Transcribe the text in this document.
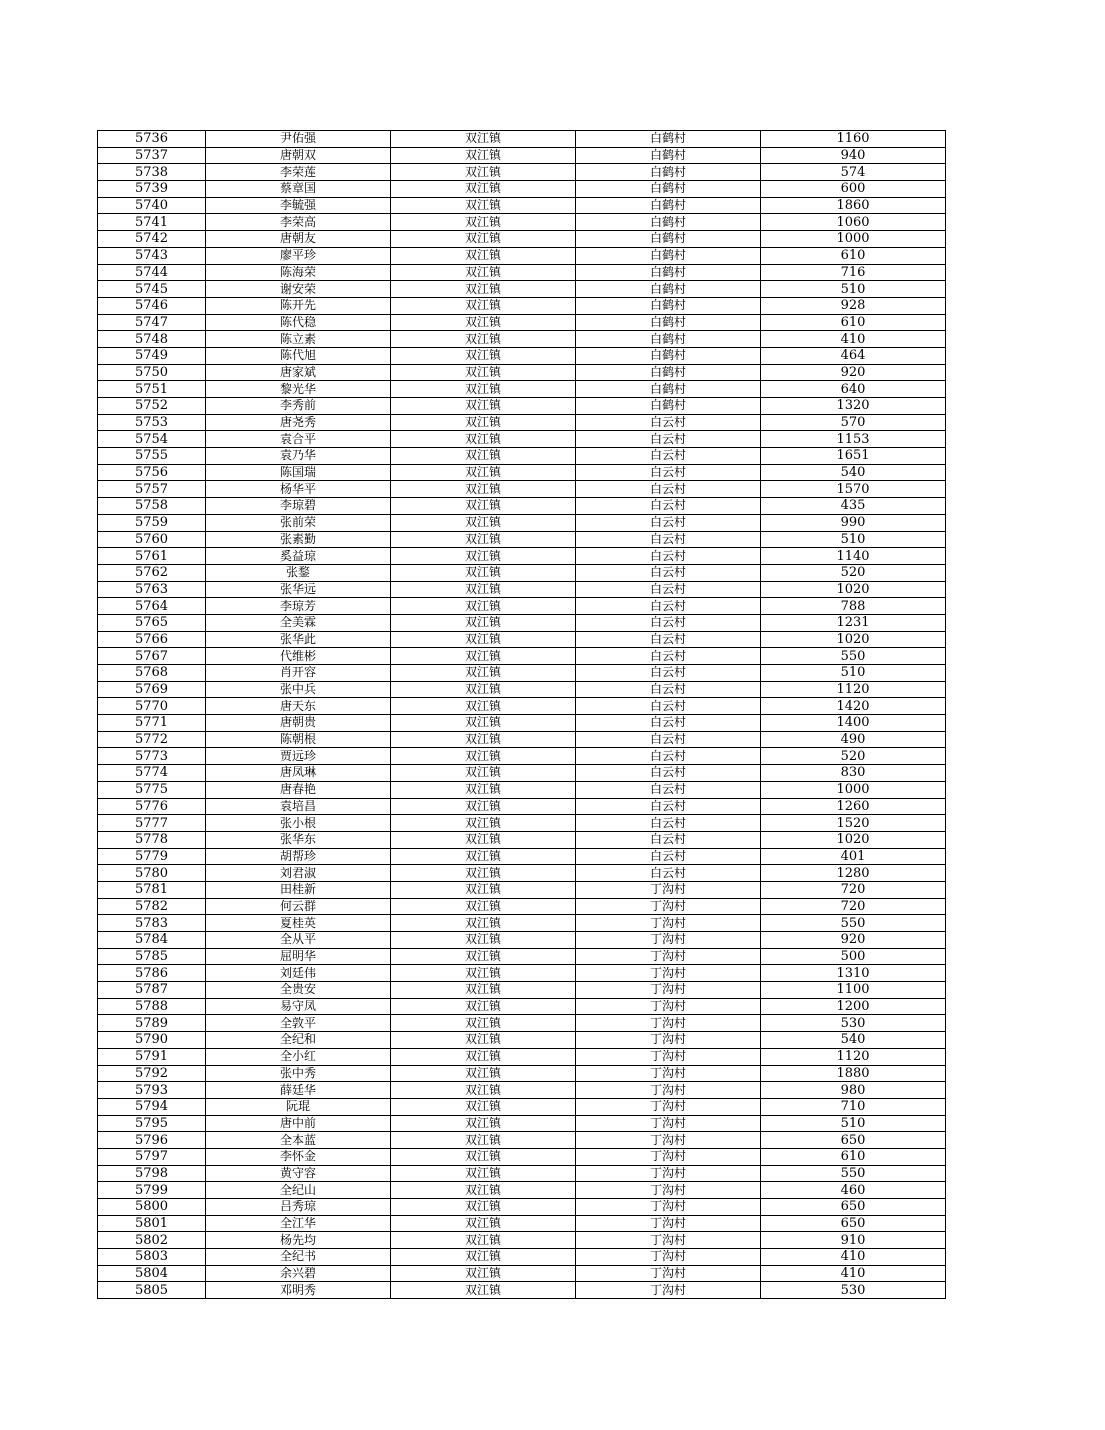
5736	尹佑强	双江镇	白鹤村	1160
5737	唐朝双	双江镇	白鹤村	940
5738	李荣莲	双江镇	白鹤村	574
5739	蔡章国	双江镇	白鹤村	600
5740	李毓强	双江镇	白鹤村	1860
5741	李荣高	双江镇	白鹤村	1060
5742	唐朝友	双江镇	白鹤村	1000
5743	廖平珍	双江镇	白鹤村	610
5744	陈海荣	双江镇	白鹤村	716
5745	谢安荣	双江镇	白鹤村	510
5746	陈开先	双江镇	白鹤村	928
5747	陈代稳	双江镇	白鹤村	610
5748	陈立素	双江镇	白鹤村	410
5749	陈代旭	双江镇	白鹤村	464
5750	唐家斌	双江镇	白鹤村	920
5751	黎光华	双江镇	白鹤村	640
5752	李秀前	双江镇	白鹤村	1320
5753	唐尧秀	双江镇	白云村	570
5754	袁合平	双江镇	白云村	1153
5755	袁乃华	双江镇	白云村	1651
5756	陈国瑞	双江镇	白云村	540
5757	杨华平	双江镇	白云村	1570
5758	李琼碧	双江镇	白云村	435
5759	张前荣	双江镇	白云村	990
5760	张素勤	双江镇	白云村	510
5761	奚益琼	双江镇	白云村	1140
5762	张鍪	双江镇	白云村	520
5763	张华远	双江镇	白云村	1020
5764	李琼芳	双江镇	白云村	788
5765	全美霖	双江镇	白云村	1231
5766	张华此	双江镇	白云村	1020
5767	代维彬	双江镇	白云村	550
5768	肖开容	双江镇	白云村	510
5769	张中兵	双江镇	白云村	1120
5770	唐天东	双江镇	白云村	1420
5771	唐朝贵	双江镇	白云村	1400
5772	陈朝根	双江镇	白云村	490
5773	贾远珍	双江镇	白云村	520
5774	唐凤琳	双江镇	白云村	830
5775	唐春艳	双江镇	白云村	1000
5776	袁培昌	双江镇	白云村	1260
5777	张小根	双江镇	白云村	1520
5778	张华东	双江镇	白云村	1020
5779	胡帮珍	双江镇	白云村	401
5780	刘君淑	双江镇	白云村	1280
5781	田桂新	双江镇	丁沟村	720
5782	何云群	双江镇	丁沟村	720
5783	夏桂英	双江镇	丁沟村	550
5784	全从平	双江镇	丁沟村	920
5785	屈明华	双江镇	丁沟村	500
5786	刘廷伟	双江镇	丁沟村	1310
5787	全贵安	双江镇	丁沟村	1100
5788	易守凤	双江镇	丁沟村	1200
5789	全敦平	双江镇	丁沟村	530
5790	全纪和	双江镇	丁沟村	540
5791	全小红	双江镇	丁沟村	1120
5792	张中秀	双江镇	丁沟村	1880
5793	薛廷华	双江镇	丁沟村	980
5794	阮琨	双江镇	丁沟村	710
5795	唐中前	双江镇	丁沟村	510
5796	全本蓝	双江镇	丁沟村	650
5797	李怀金	双江镇	丁沟村	610
5798	黄守容	双江镇	丁沟村	550
5799	全纪山	双江镇	丁沟村	460
5800	吕秀琼	双江镇	丁沟村	650
5801	全江华	双江镇	丁沟村	650
5802	杨先均	双江镇	丁沟村	910
5803	全纪书	双江镇	丁沟村	410
5804	余兴碧	双江镇	丁沟村	410
5805	邓明秀	双江镇	丁沟村	530
